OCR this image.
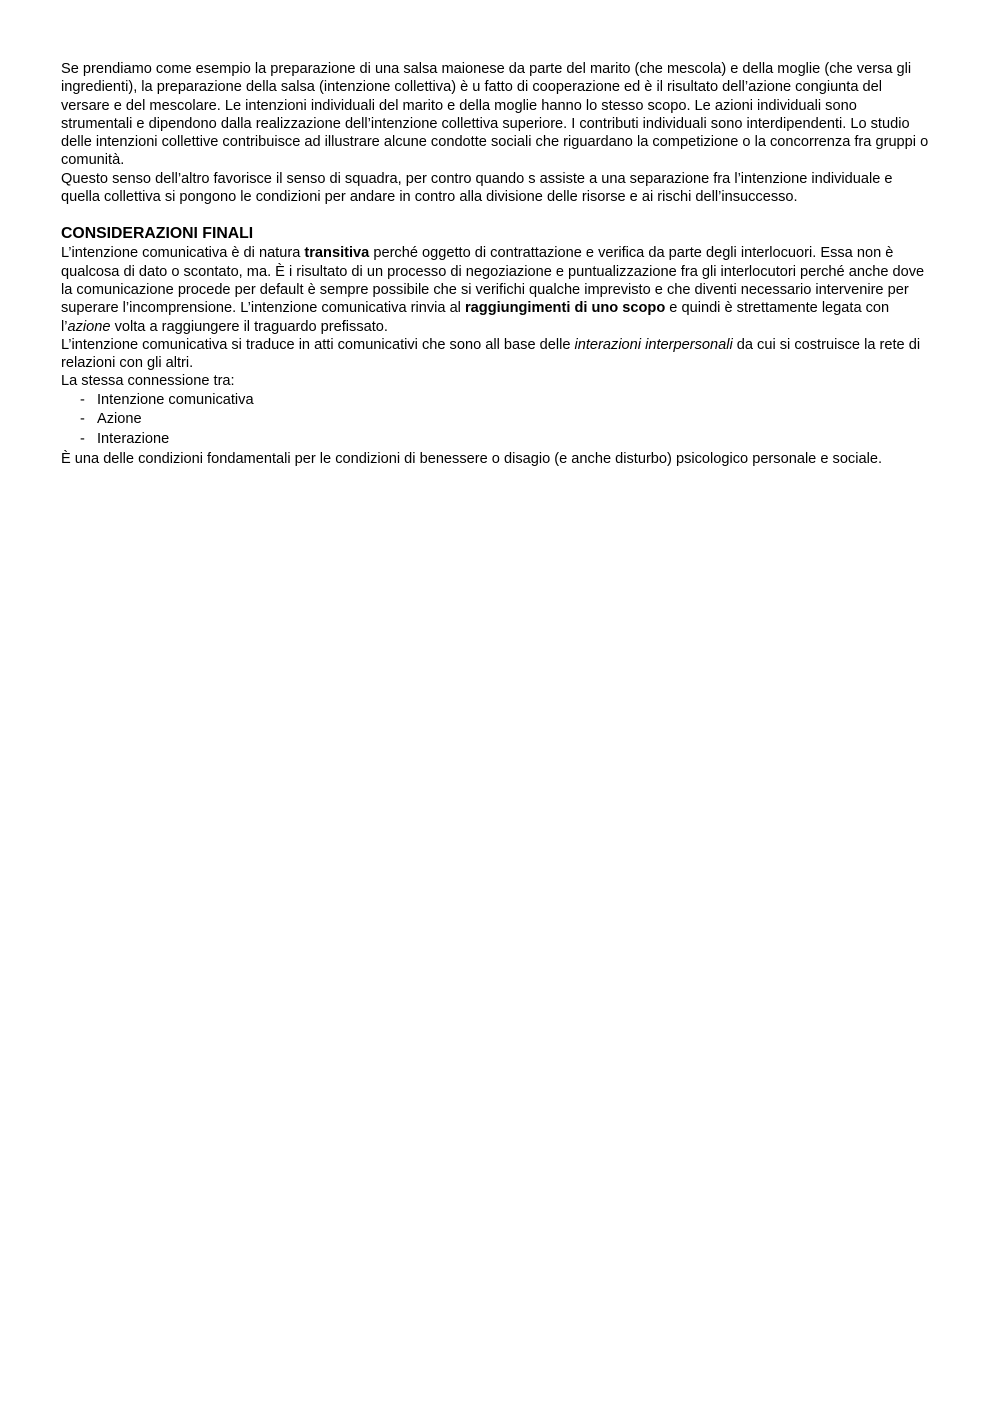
Se prendiamo come esempio la preparazione di una salsa maionese da parte del marito (che mescola) e della moglie (che versa gli ingredienti), la preparazione della salsa (intenzione collettiva) è u fatto di cooperazione ed è il risultato dell’azione congiunta del versare e del mescolare. Le intenzioni individuali del marito e della moglie hanno lo stesso scopo. Le azioni individuali sono strumentali e dipendono dalla realizzazione dell’intenzione collettiva superiore. I contributi individuali sono interdipendenti. Lo studio delle intenzioni collettive contribuisce ad illustrare alcune condotte sociali che riguardano la competizione o la concorrenza fra gruppi o comunità.

Questo senso dell’altro favorisce il senso di squadra, per contro quando s assiste a una separazione fra l’intenzione individuale e quella collettiva si pongono le condizioni per andare in contro alla divisione delle risorse e ai rischi dell’insuccesso.

CONSIDERAZIONI FINALI

L’intenzione comunicativa è di natura transitiva perché oggetto di contrattazione e verifica da parte degli interlocuori. Essa non è qualcosa di dato o scontato, ma. È i risultato di un processo di negoziazione e puntualizzazione fra gli interlocutori perché anche dove la comunicazione procede per default è sempre possibile che si verifichi qualche imprevisto e che diventi necessario intervenire per superare l’incomprensione. L’intenzione comunicativa rinvia al raggiungimenti di uno scopo e quindi è strettamente legata con l’azione volta a raggiungere il traguardo prefissato.

L’intenzione comunicativa si traduce in atti comunicativi che sono all base delle interazioni interpersonali da cui si costruisce la rete di relazioni con gli altri.

La stessa connessione tra:

- Intenzione comunicativa
- Azione
- Interazione

È una delle condizioni fondamentali per le condizioni di benessere o disagio (e anche disturbo) psicologico personale e sociale.
